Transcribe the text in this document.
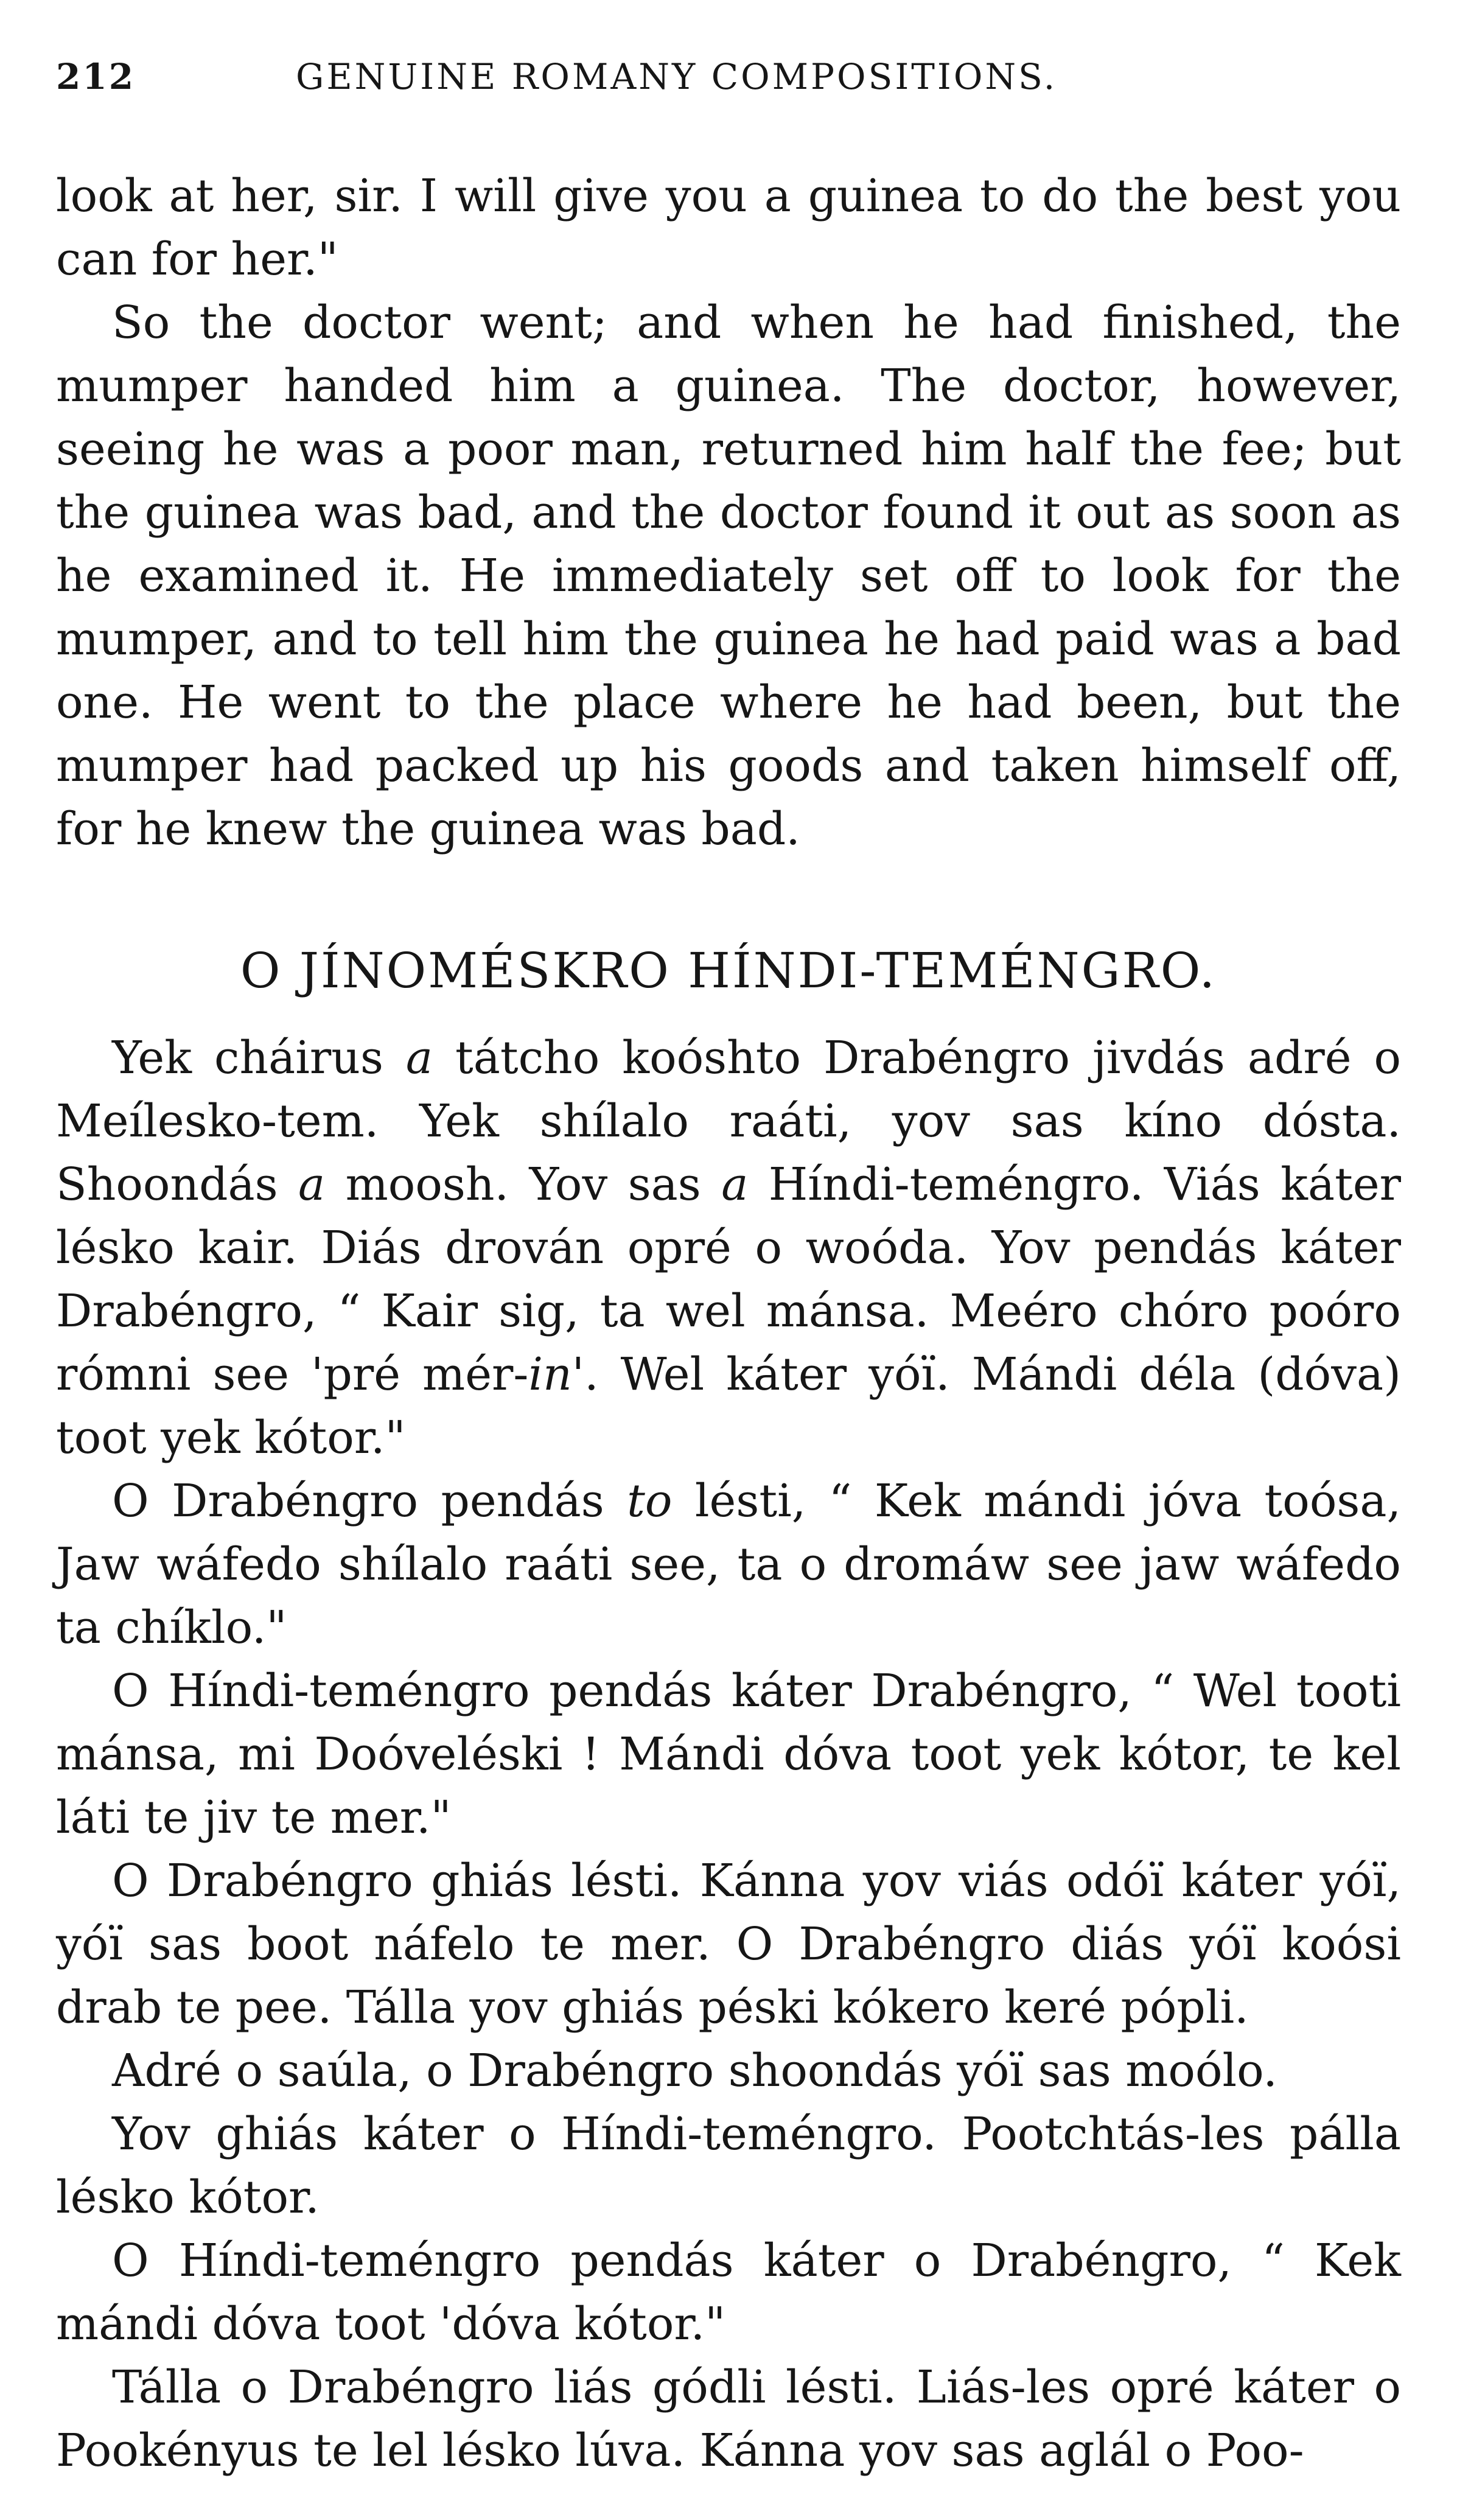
212	GENUINE ROMANY COMPOSITIONS.

look at her, sir. I will give you a guinea to do the best you can for her."

So the doctor went; and when he had finished, the mumper handed him a guinea. The doctor, however, seeing he was a poor man, returned him half the fee; but the guinea was bad, and the doctor found it out as soon as he examined it. He immediately set off to look for the mumper, and to tell him the guinea he had paid was a bad one. He went to the place where he had been, but the mumper had packed up his goods and taken himself off, for he knew the guinea was bad.

O JÍNOMÉSKRO HÍNDI-TEMÉNGRO.

Yek cháirus a tátcho koóshto Drabéngro jivdás adré o Meílesko-tem. Yek shílalo raáti, yov sas kíno dósta. Shoondás a moosh. Yov sas a Híndi-teméngro. Viás káter lésko kair. Diás drován opré o woóda. Yov pendás káter Drabéngro, “ Kair sig, ta wel mánsa. Meéro chóro poóro rómni see 'pré mér-in'. Wel káter yóï. Mándi déla (dóva) toot yek kótor."

O Drabéngro pendás to lésti, “ Kek mándi jóva toósa, Jaw wáfedo shílalo raáti see, ta o dromáw see jaw wáfedo ta chíklo."

O Híndi-teméngro pendás káter Drabéngro, “ Wel tooti mánsa, mi Doóveléski ! Mándi dóva toot yek kótor, te kel láti te jiv te mer."

O Drabéngro ghiás lésti. Kánna yov viás odóï káter yóï, yóï sas boot náfelo te mer. O Drabéngro diás yóï koósi drab te pee. Tálla yov ghiás péski kókero keré pópli.

Adré o saúla, o Drabéngro shoondás yóï sas moólo.

Yov ghiás káter o Híndi-teméngro. Pootchtás-les pálla lésko kótor.

O Híndi-teméngro pendás káter o Drabéngro, “ Kek mándi dóva toot 'dóva kótor."

Tálla o Drabéngro liás gódli lésti. Liás-les opré káter o Pookényus te lel lésko lúva. Kánna yov sas aglál o Poo-
